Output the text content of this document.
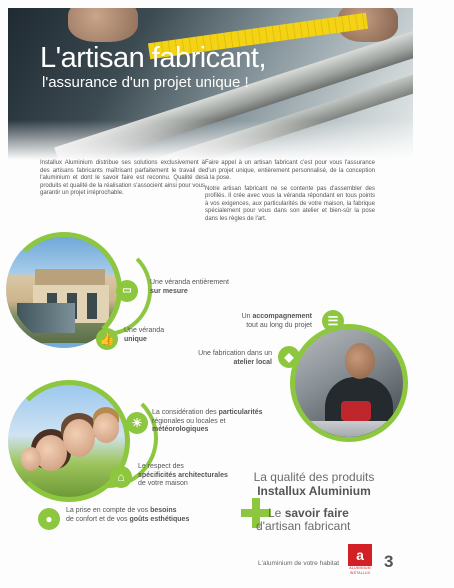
L'artisan fabricant,
l'assurance d'un projet unique !

Installux Aluminium distribue ses solutions exclusivement à des artisans fabricants maîtrisant parfaitement le travail de l'aluminium et dont le savoir faire est reconnu. Qualité des produits et qualité de la réalisation s'associent ainsi pour vous garantir un projet irréprochable.

Faire appel à un artisan fabricant c'est pour vous l'assurance d'un projet unique, entièrement personnalisé, de la conception à la pose.

Notre artisan fabricant ne se contente pas d'assembler des profilés. Il crée avec vous la véranda répondant en tous points à vos exigences, aux particularités de votre maison, la fabrique spécialement pour vous dans son atelier et bien-sûr la pose dans les règles de l'art.

▭
Une véranda entièrement
sur mesure
👍
Une véranda
unique
Un accompagnement
tout au long du projet	☰
Une fabrication dans un
atelier local	◆
☀
La considération des particularités
régionales ou locales et
météorologiques
⌂
Le respect des
spécificités architecturales
de votre maison
●
La prise en compte de vos besoins
de confort et de vos goûts esthétiques
La qualité des produits
Installux Aluminium
Le savoir faire
d'artisan fabricant
L'aluminium de votre habitat
a
ALUMINIUM
INSTALLUX
3
